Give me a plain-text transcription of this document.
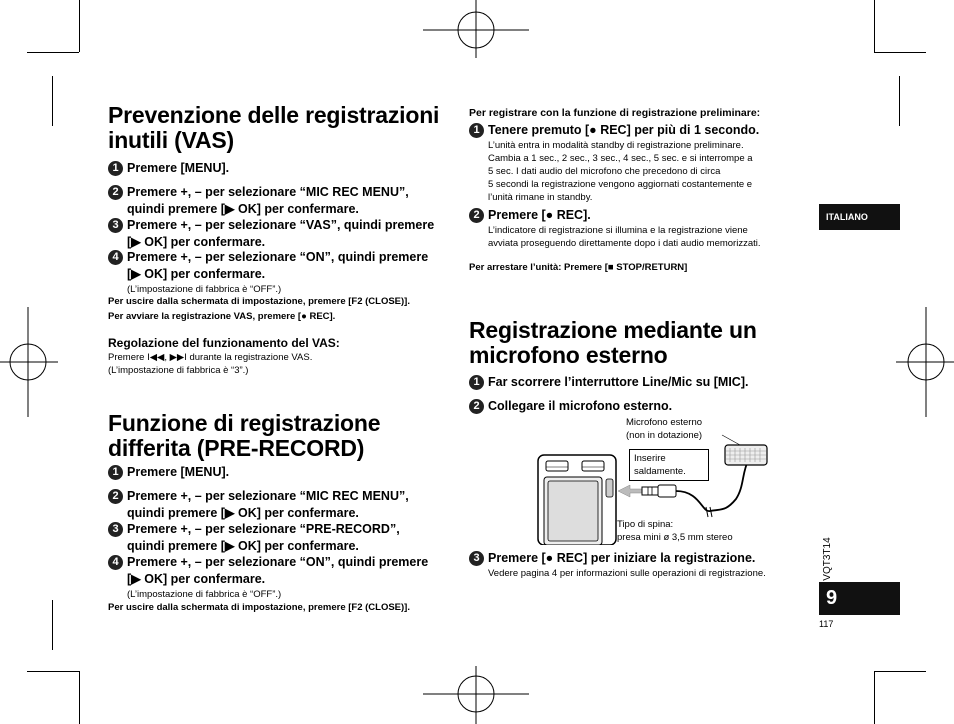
Prevenzione delle registrazioni
inutili (VAS)
1 Premere [MENU].
2 Premere +, – per selezionare “MIC REC MENU”,
quindi premere [▶ OK] per confermare.
3 Premere +, – per selezionare “VAS”, quindi premere
[▶ OK] per confermare.
4 Premere +, – per selezionare “ON”, quindi premere
[▶ OK] per confermare.
(L’impostazione di fabbrica è “OFF”.)
Per uscire dalla schermata di impostazione, premere [F2 (CLOSE)].
Per avviare la registrazione VAS, premere [● REC].
Regolazione del funzionamento del VAS:
Premere I◀◀, ▶▶I durante la registrazione VAS.
(L’impostazione di fabbrica è “3”.)
Funzione di registrazione
differita (PRE-RECORD)
1 Premere [MENU].
2 Premere +, – per selezionare “MIC REC MENU”,
quindi premere [▶ OK] per confermare.
3 Premere +, – per selezionare “PRE-RECORD”,
quindi premere [▶ OK] per confermare.
4 Premere +, – per selezionare “ON”, quindi premere
[▶ OK] per confermare.
(L’impostazione di fabbrica è “OFF”.)
Per uscire dalla schermata di impostazione, premere [F2 (CLOSE)].
Per registrare con la funzione di registrazione preliminare:
1 Tenere premuto [● REC] per più di 1 secondo.
L’unità entra in modalità standby di registrazione preliminare.
Cambia a 1 sec., 2 sec., 3 sec., 4 sec., 5 sec. e si interrompe a
5 sec. I dati audio del microfono che precedono di circa
5 secondi la registrazione vengono aggiornati costantemente e
l’unità rimane in standby.
2 Premere [● REC].
L’indicatore di registrazione si illumina e la registrazione viene
avviata proseguendo direttamente dopo i dati audio memorizzati.
Per arrestare l’unità: Premere [■ STOP/RETURN]
Registrazione mediante un
microfono esterno
1 Far scorrere l’interruttore Line/Mic su [MIC].
2 Collegare il microfono esterno.
Microfono esterno
(non in dotazione)
Inserire
saldamente.
Tipo di spina:
presa mini ø 3,5 mm stereo
3 Premere [● REC] per iniziare la registrazione.
Vedere pagina 4 per informazioni sulle operazioni di registrazione.
ITALIANO
VQT3T14
9
117
